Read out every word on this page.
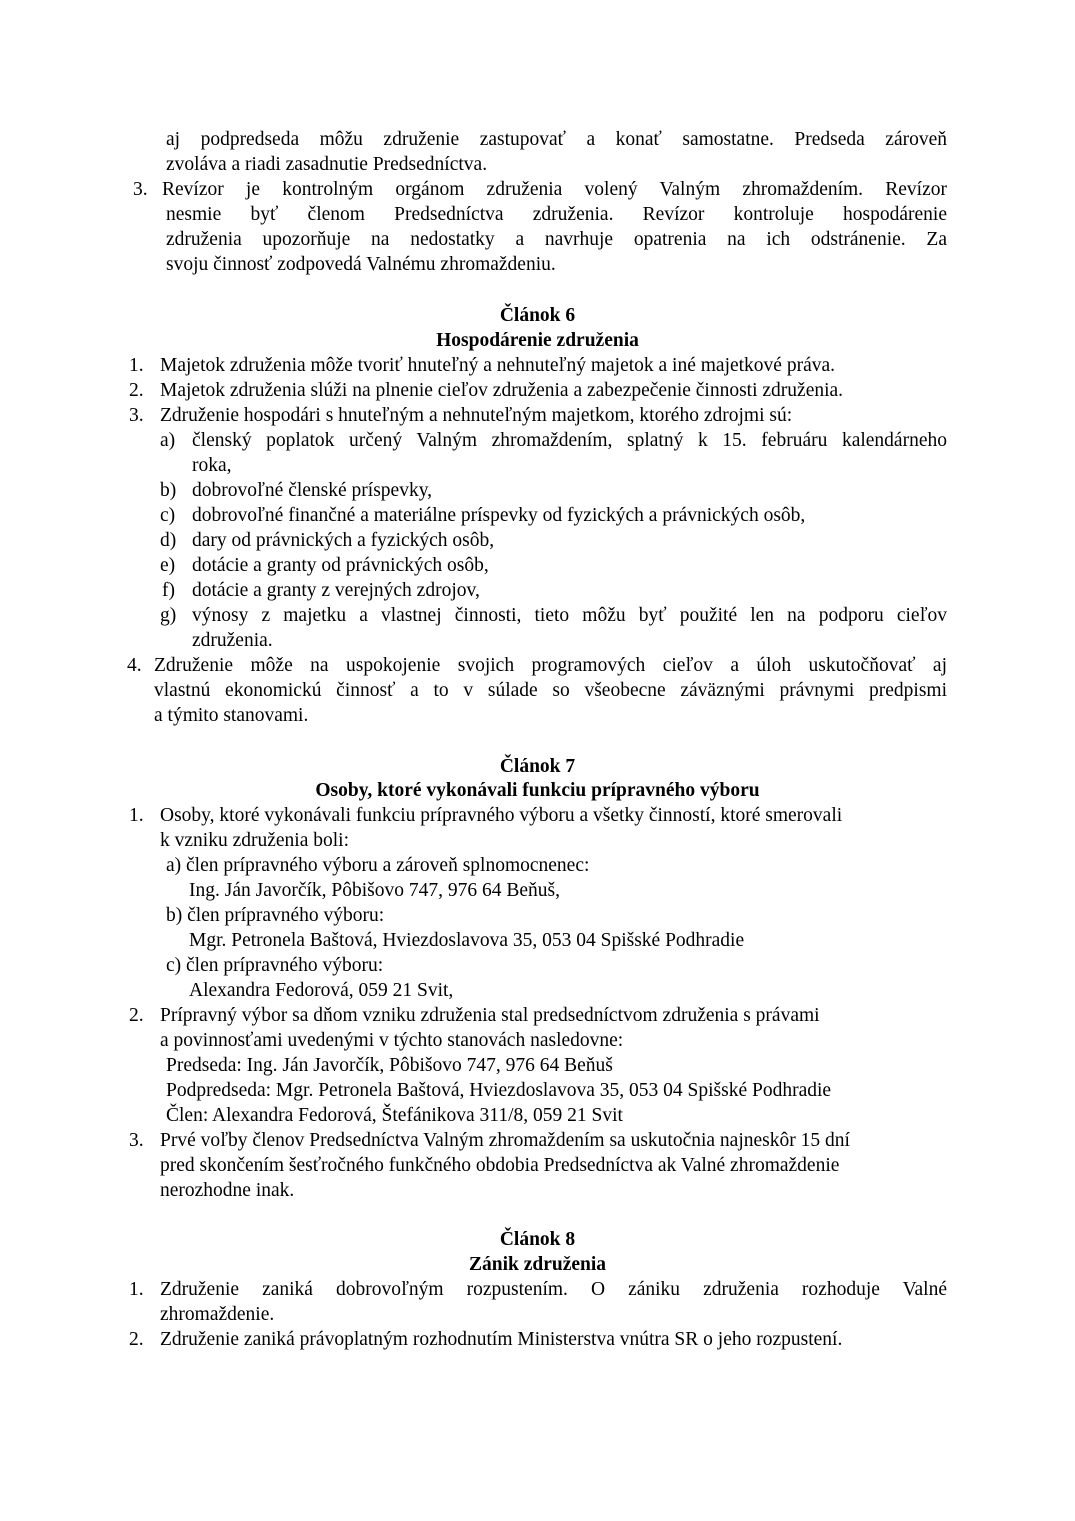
aj podpredseda môžu združenie zastupovať a konať samostatne. Predseda zároveň
zvoláva a riadi zasadnutie Predsedníctva.
3. Revízor je kontrolným orgánom združenia volený Valným zhromaždením. Revízor
nesmie byť členom Predsedníctva združenia. Revízor kontroluje hospodárenie
združenia upozorňuje na nedostatky a navrhuje opatrenia na ich odstránenie. Za
svoju činnosť zodpovedá Valnému zhromaždeniu.
Článok 6
Hospodárenie združenia
1. Majetok združenia môže tvoriť hnuteľný a nehnuteľný majetok a iné majetkové práva.
2. Majetok združenia slúži na plnenie cieľov združenia a zabezpečenie činnosti združenia.
3. Združenie hospodári s hnuteľným a nehnuteľným majetkom, ktorého zdrojmi sú:
a) členský poplatok určený Valným zhromaždením, splatný k 15. februáru kalendárneho
roka,
b) dobrovoľné členské príspevky,
c) dobrovoľné finančné a materiálne príspevky od fyzických a právnických osôb,
d) dary od právnických a fyzických osôb,
e) dotácie a granty od právnických osôb,
f) dotácie a granty z verejných zdrojov,
g) výnosy z majetku a vlastnej činnosti, tieto môžu byť použité len na podporu cieľov
združenia.
4. Združenie môže na uspokojenie svojich programových cieľov a úloh uskutočňovať aj
vlastnú ekonomickú činnosť a to v súlade so všeobecne záväznými právnymi predpismi
a týmito stanovami.
Článok 7
Osoby, ktoré vykonávali funkciu prípravného výboru
1. Osoby, ktoré vykonávali funkciu prípravného výboru a všetky činností, ktoré smerovali
k vzniku združenia boli:
a) člen prípravného výboru a zároveň splnomocnenec:
Ing. Ján Javorčík, Pôbišovo 747, 976 64 Beňuš,
b) člen prípravného výboru:
Mgr. Petronela Baštová, Hviezdoslavova 35, 053 04 Spišské Podhradie
c) člen prípravného výboru:
Alexandra Fedorová, 059 21 Svit,
2. Prípravný výbor sa dňom vzniku združenia stal predsedníctvom združenia s právami
a povinnosťami uvedenými v týchto stanovách nasledovne:
Predseda: Ing. Ján Javorčík, Pôbišovo 747, 976 64 Beňuš
Podpredseda: Mgr. Petronela Baštová, Hviezdoslavova 35, 053 04 Spišské Podhradie
Člen: Alexandra Fedorová, Štefánikova 311/8, 059 21 Svit
3. Prvé voľby členov Predsedníctva Valným zhromaždením sa uskutočnia najneskôr 15 dní
pred skončením šesťročného funkčného obdobia Predsedníctva ak Valné zhromaždenie
nerozhodne inak.
Článok 8
Zánik združenia
1. Združenie zaniká dobrovoľným rozpustením. O zániku združenia rozhoduje Valné
zhromaždenie.
2. Združenie zaniká právoplatným rozhodnutím Ministerstva vnútra SR o jeho rozpustení.
